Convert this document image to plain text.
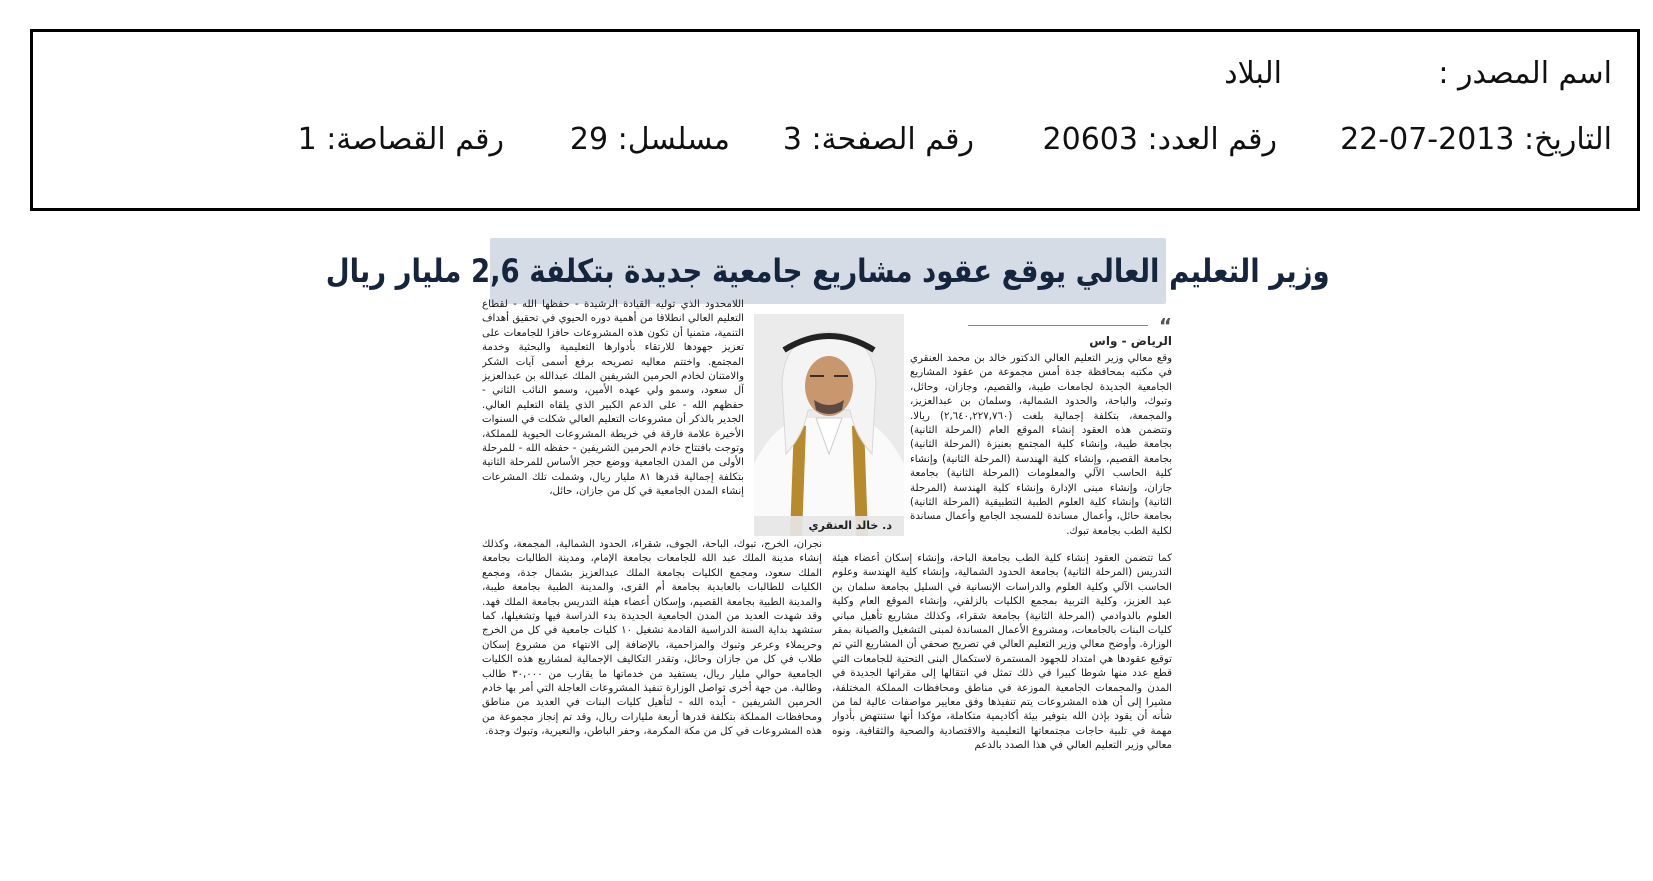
اسم المصدر :
البلاد
التاريخ: 2013-07-22
رقم العدد: 20603
رقم الصفحة: 3
مسلسل: 29
رقم القصاصة: 1
وزير التعليم العالي يوقع عقود مشاريع جامعية جديدة بتكلفة 2,6 مليار ريال
“
الرياض - واس

وقع معالي وزير التعليم العالي الدكتور خالد بن محمد العنقري في مكتبه بمحافظة جدة أمس مجموعة من عقود المشاريع الجامعية الجديدة لجامعات طيبة، والقصيم، وجازان، وحائل، وتبوك، والباحة، والحدود الشمالية، وسلمان بن عبدالعزيز، والمجمعة، بتكلفة إجمالية بلغت (٢,٦٤٠,٢٢٧,٧٦٠) ريالا. وتتضمن هذه العقود إنشاء الموقع العام (المرحلة الثانية) بجامعة طيبة، وإنشاء كلية المجتمع بعنيزة (المرحلة الثانية) بجامعة القصيم، وإنشاء كلية الهندسة (المرحلة الثانية) وإنشاء كلية الحاسب الآلي والمعلومات (المرحلة الثانية) بجامعة جازان، وإنشاء مبنى الإدارة وإنشاء كلية الهندسة (المرحلة الثانية) وإنشاء كلية العلوم الطبية التطبيقية (المرحلة الثانية) بجامعة حائل، وأعمال مساندة للمسجد الجامع وأعمال مساندة لكلية الطب بجامعة تبوك.

د. خالد العنقري

اللامحدود الذي توليه القيادة الرشيدة - حفظها الله - لقطاع التعليم العالي انطلاقا من أهمية دوره الحيوي في تحقيق أهداف التنمية، متمنيا أن تكون هذه المشروعات حافزا للجامعات على تعزيز جهودها للارتقاء بأدوارها التعليمية والبحثية وخدمة المجتمع. واختتم معاليه تصريحه برفع أسمى آيات الشكر والامتنان لخادم الحرمين الشريفين الملك عبدالله بن عبدالعزيز آل سعود، وسمو ولي عهده الأمين، وسمو النائب الثاني - حفظهم الله - على الدعم الكبير الذي يلقاه التعليم العالي. الجدير بالذكر أن مشروعات التعليم العالي شكلت في السنوات الأخيرة علامة فارقة في خريطة المشروعات الحيوية للمملكة، وتوجت بافتتاح خادم الحرمين الشريفين - حفظه الله - للمرحلة الأولى من المدن الجامعية ووضع حجر الأساس للمرحلة الثانية بتكلفة إجمالية قدرها ٨١ مليار ريال، وشملت تلك المشرعات إنشاء المدن الجامعية في كل من جازان، حائل،

كما تتضمن العقود إنشاء كلية الطب بجامعة الباحة، وإنشاء إسكان أعضاء هيئة التدريس (المرحلة الثانية) بجامعة الحدود الشمالية، وإنشاء كلية الهندسة وعلوم الحاسب الآلي وكلية العلوم والدراسات الإنسانية في السليل بجامعة سلمان بن عبد العزيز، وكلية التربية بمجمع الكليات بالزلفي، وإنشاء الموقع العام وكلية العلوم بالدوادمي (المرحلة الثانية) بجامعة شقراء، وكذلك مشاريع تأهيل مباني كليات البنات بالجامعات، ومشروع الأعمال المساندة لمبنى التشغيل والصيانة بمقر الوزارة. وأوضح معالي وزير التعليم العالي في تصريح صحفي أن المشاريع التي تم توقيع عقودها هي امتداد للجهود المستمرة لاستكمال البنى التحتية للجامعات التي قطع عدد منها شوطا كبيرا في ذلك تمثل في انتقالها إلى مقراتها الجديدة في المدن والمجمعات الجامعية الموزعة في مناطق ومحافظات المملكة المختلفة، مشيرا إلى أن هذه المشروعات يتم تنفيذها وفق معايير مواصفات عالية لما من شأنه أن يقود بإذن الله بتوفير بيئة أكاديمية متكاملة، مؤكدا أنها ستنتهض بأدوار مهمة في تلبية حاجات مجتمعاتها التعليمية والاقتصادية والصحية والثقافية. ونوه معالي وزير التعليم العالي في هذا الصدد بالدعم

نجران، الخرج، تبوك، الباحة، الجوف، شقراء، الحدود الشمالية، المجمعة، وكذلك إنشاء مدينة الملك عبد الله للجامعات بجامعة الإمام، ومدينة الطالبات بجامعة الملك سعود، ومجمع الكليات بجامعة الملك عبدالعزيز بشمال جدة، ومجمع الكليات للطالبات بالعابدية بجامعة أم القرى، والمدينة الطبية بجامعة طيبة، والمدينة الطبية بجامعة القصيم، وإسكان أعضاء هيئة التدريس بجامعة الملك فهد. وقد شهدت العديد من المدن الجامعية الجديدة بدء الدراسة فيها وتشغيلها، كما ستشهد بداية السنة الدراسية القادمة تشغيل ١٠ كليات جامعية في كل من الخرج وحريملاء وعرعر وتبوك والمزاحمية، بالإضافة إلى الانتهاء من مشروع إسكان طلاب في كل من جازان وحائل، وتقدر التكاليف الإجمالية لمشاريع هذه الكليات الجامعية حوالي مليار ريال، يستفيد من خدماتها ما يقارب من ٣٠,٠٠٠ طالب وطالبة. من جهة أخرى تواصل الوزارة تنفيذ المشروعات العاجلة التي أمر بها خادم الحرمين الشريفين - أيده الله - لتأهيل كليات البنات في العديد من مناطق ومحافظات المملكة بتكلفة قدرها أربعة مليارات ريال، وقد تم إنجاز مجموعة من هذه المشروعات في كل من مكة المكرمة، وحفر الباطن، والنعيرية، وتبوك وجدة.
